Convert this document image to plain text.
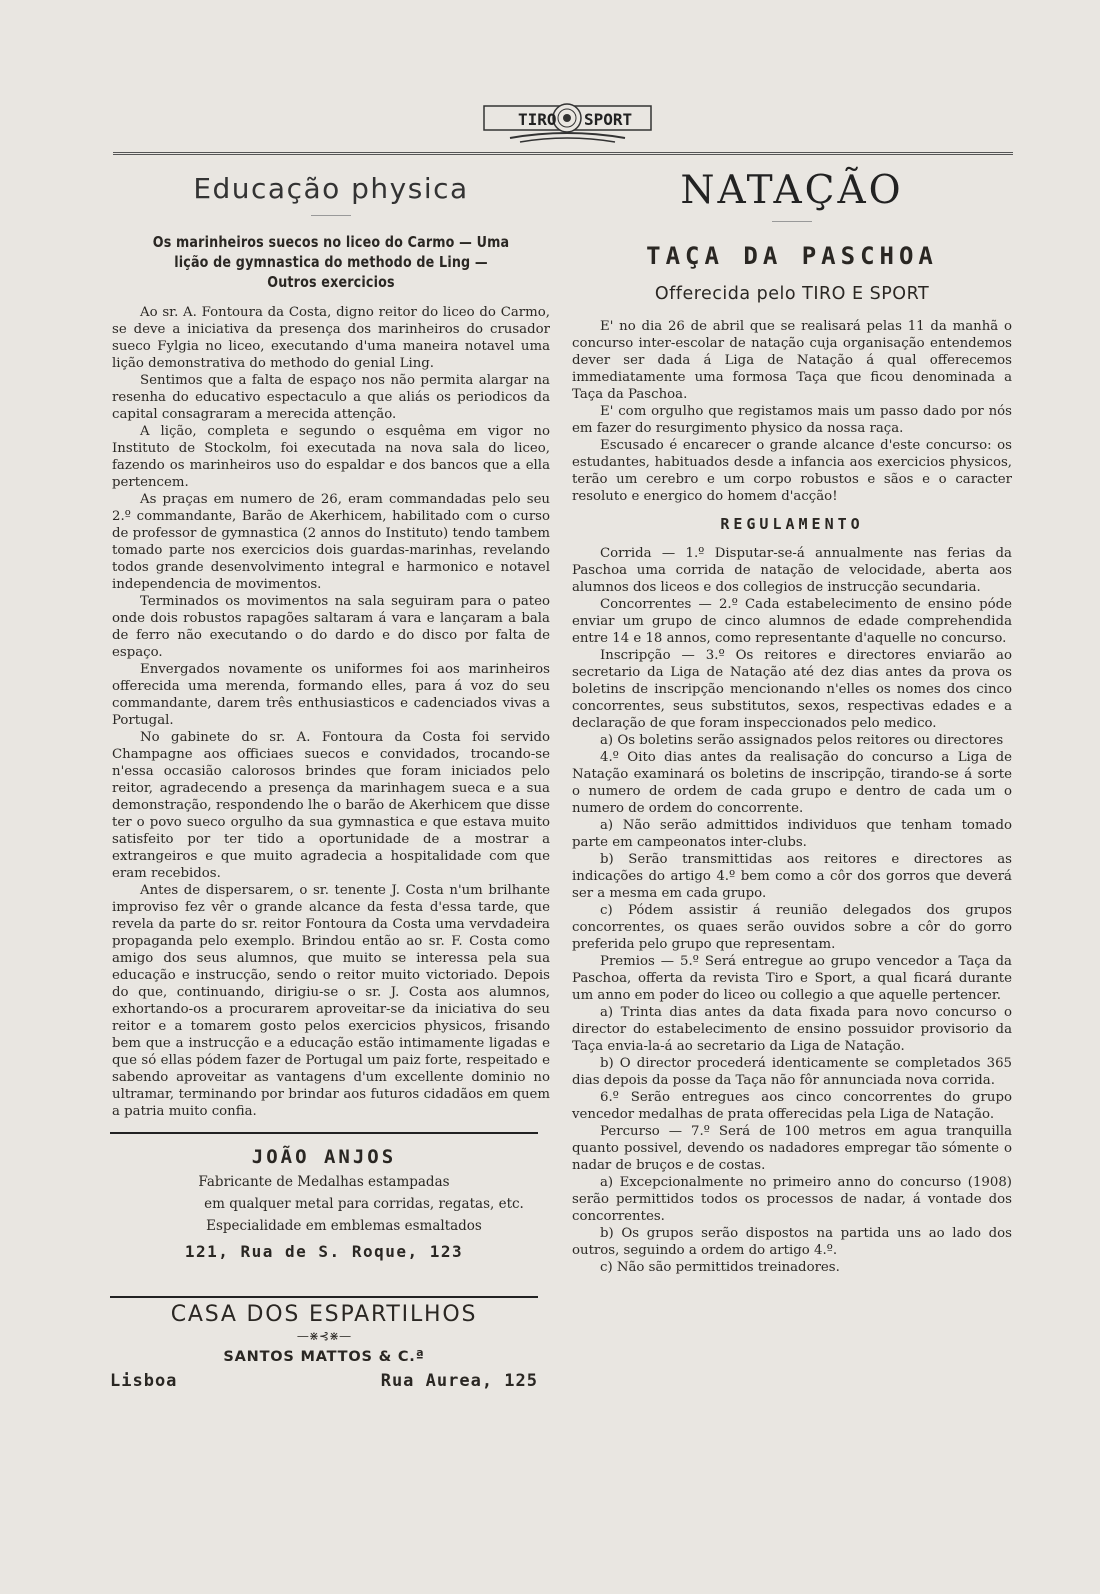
TIRO SPORT
Educação physica
Os marinheiros suecos no liceo do Carmo — Uma lição de gymnastica do methodo de Ling — Outros exercicios

Ao sr. A. Fontoura da Costa, digno reitor do liceo do Carmo, se deve a iniciativa da presença dos marinheiros do crusador sueco Fylgia no liceo, executando d'uma maneira notavel uma lição demonstrativa do methodo do genial Ling.

Sentimos que a falta de espaço nos não permita alargar na resenha do educativo espectaculo a que aliás os periodicos da capital consagraram a merecida attenção.

A lição, completa e segundo o esquêma em vigor no Instituto de Stockolm, foi executada na nova sala do liceo, fazendo os marinheiros uso do espaldar e dos bancos que a ella pertencem.

As praças em numero de 26, eram commandadas pelo seu 2.º commandante, Barão de Akerhicem, habilitado com o curso de professor de gymnastica (2 annos do Instituto) tendo tambem tomado parte nos exercicios dois guardas-marinhas, revelando todos grande desenvolvimento integral e harmonico e notavel independencia de movimentos.

Terminados os movimentos na sala seguiram para o pateo onde dois robustos rapagões saltaram á vara e lançaram a bala de ferro não executando o do dardo e do disco por falta de espaço.

Envergados novamente os uniformes foi aos marinheiros offerecida uma merenda, formando elles, para á voz do seu commandante, darem três enthusiasticos e cadenciados vivas a Portugal.

No gabinete do sr. A. Fontoura da Costa foi servido Champagne aos officiaes suecos e convidados, trocando-se n'essa occasião calorosos brindes que foram iniciados pelo reitor, agradecendo a presença da marinhagem sueca e a sua demonstração, respondendo lhe o barão de Akerhicem que disse ter o povo sueco orgulho da sua gymnastica e que estava muito satisfeito por ter tido a oportunidade de a mostrar a extrangeiros e que muito agradecia a hospitalidade com que eram recebidos.

Antes de dispersarem, o sr. tenente J. Costa n'um brilhante improviso fez vêr o grande alcance da festa d'essa tarde, que revela da parte do sr. reitor Fontoura da Costa uma vervdadeira propaganda pelo exemplo. Brindou então ao sr. F. Costa como amigo dos seus alumnos, que muito se interessa pela sua educação e instrucção, sendo o reitor muito victoriado. Depois do que, continuando, dirigiu-se o sr. J. Costa aos alumnos, exhortando-os a procurarem aproveitar-se da iniciativa do seu reitor e a tomarem gosto pelos exercicios physicos, frisando bem que a instrucção e a educação estão intimamente ligadas e que só ellas pódem fazer de Portugal um paiz forte, respeitado e sabendo aproveitar as vantagens d'um excellente dominio no ultramar, terminando por brindar aos futuros cidadãos em quem a patria muito confia.

JOÃO ANJOS
Fabricante de Medalhas estampadas
em qualquer metal para corridas, regatas, etc.
Especialidade em emblemas esmaltados
121, Rua de S. Roque, 123
CASA DOS ESPARTILHOS
—⋇⊰⋇—
SANTOS MATTOS & C.ª
Lisboa	Rua Aurea, 125
NATAÇÃO
TAÇA DA PASCHOA
Offerecida pelo TIRO E SPORT

E' no dia 26 de abril que se realisará pelas 11 da manhã o concurso inter-escolar de natação cuja organisação entendemos dever ser dada á Liga de Natação á qual offerecemos immediatamente uma formosa Taça que ficou denominada a Taça da Paschoa.

E' com orgulho que registamos mais um passo dado por nós em fazer do resurgimento physico da nossa raça.

Escusado é encarecer o grande alcance d'este concurso: os estudantes, habituados desde a infancia aos exercicios physicos, terão um cerebro e um corpo robustos e sãos e o caracter resoluto e energico do homem d'acção!

REGULAMENTO

Corrida — 1.º Disputar-se-á annualmente nas ferias da Paschoa uma corrida de natação de velocidade, aberta aos alumnos dos liceos e dos collegios de instrucção secundaria.

Concorrentes — 2.º Cada estabelecimento de ensino póde enviar um grupo de cinco alumnos de edade comprehendida entre 14 e 18 annos, como representante d'aquelle no concurso.

Inscripção — 3.º Os reitores e directores enviarão ao secretario da Liga de Natação até dez dias antes da prova os boletins de inscripção mencionando n'elles os nomes dos cinco concorrentes, seus substitutos, sexos, respectivas edades e a declaração de que foram inspeccionados pelo medico.

a) Os boletins serão assignados pelos reitores ou directores

4.º Oito dias antes da realisação do concurso a Liga de Natação examinará os boletins de inscripção, tirando-se á sorte o numero de ordem de cada grupo e dentro de cada um o numero de ordem do concorrente.

a) Não serão admittidos individuos que tenham tomado parte em campeonatos inter-clubs.

b) Serão transmittidas aos reitores e directores as indicações do artigo 4.º bem como a côr dos gorros que deverá ser a mesma em cada grupo.

c) Pódem assistir á reunião delegados dos grupos concorrentes, os quaes serão ouvidos sobre a côr do gorro preferida pelo grupo que representam.

Premios — 5.º Será entregue ao grupo vencedor a Taça da Paschoa, offerta da revista Tiro e Sport, a qual ficará durante um anno em poder do liceo ou collegio a que aquelle pertencer.

a) Trinta dias antes da data fixada para novo concurso o director do estabelecimento de ensino possuidor provisorio da Taça envia-la-á ao secretario da Liga de Natação.

b) O director procederá identicamente se completados 365 dias depois da posse da Taça não fôr annunciada nova corrida.

6.º Serão entregues aos cinco concorrentes do grupo vencedor medalhas de prata offerecidas pela Liga de Natação.

Percurso — 7.º Será de 100 metros em agua tranquilla quanto possivel, devendo os nadadores empregar tão sómente o nadar de bruços e de costas.

a) Excepcionalmente no primeiro anno do concurso (1908) serão permittidos todos os processos de nadar, á vontade dos concorrentes.

b) Os grupos serão dispostos na partida uns ao lado dos outros, seguindo a ordem do artigo 4.º.

c) Não são permittidos treinadores.
